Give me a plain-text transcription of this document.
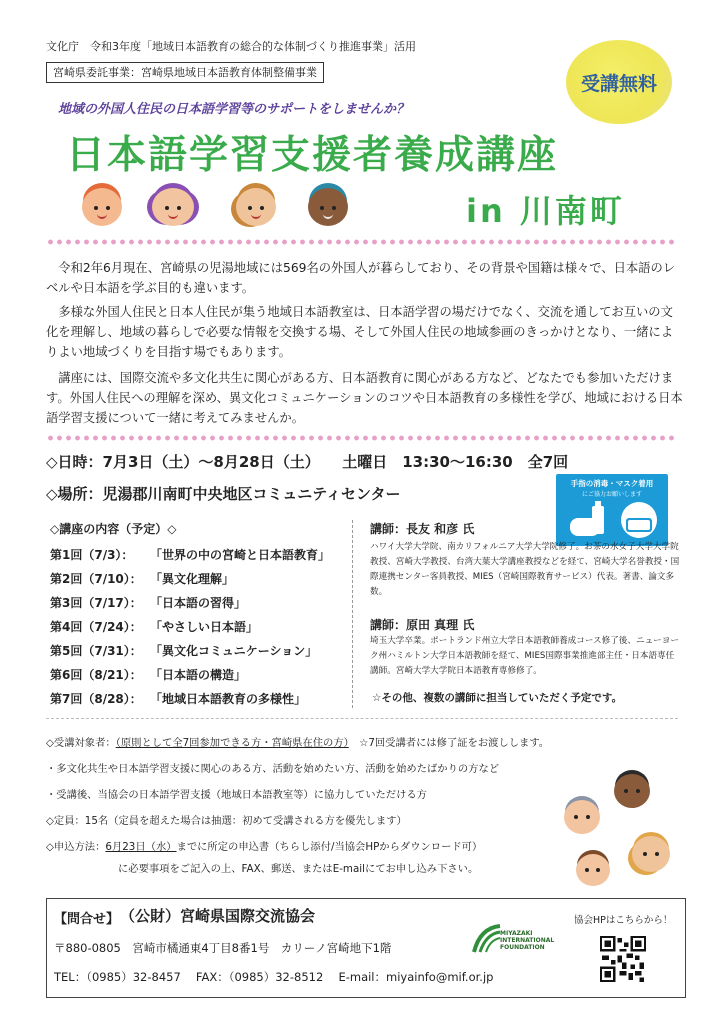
文化庁　令和3年度「地域日本語教育の総合的な体制づくり推進事業」活用
宮崎県委託事業：宮崎県地域日本語教育体制整備事業	受講無料
地域の外国人住民の日本語学習等のサポートをしませんか？
日本語学習支援者養成講座
in 川南町
令和2年6月現在、宮崎県の児湯地域には569名の外国人が暮らしており、その背景や国籍は様々で、日本語のレベルや日本語を学ぶ目的も違います。
多様な外国人住民と日本人住民が集う地域日本語教室は、日本語学習の場だけでなく、交流を通してお互いの文化を理解し、地域の暮らしで必要な情報を交換する場、そして外国人住民の地域参画のきっかけとなり、一緒によりよい地域づくりを目指す場でもあります。
講座には、国際交流や多文化共生に関心がある方、日本語教育に関心がある方など、どなたでも参加いただけます。外国人住民への理解を深め、異文化コミュニケーションのコツや日本語教育の多様性を学び、地域における日本語学習支援について一緒に考えてみませんか。
◇日時：7月3日（土）～8月28日（土）　　土曜日　13:30～16:30　全7回
◇場所：児湯郡川南町中央地区コミュニティセンター
手指の消毒・マスク着用
にご協力お願いします
◇講座の内容（予定）◇
第1回（7/3）： 「世界の中の宮崎と日本語教育」
第2回（7/10）： 「異文化理解」
第3回（7/17）： 「日本語の習得」
第4回（7/24）： 「やさしい日本語」
第5回（7/31）： 「異文化コミュニケーション」
第6回（8/21）： 「日本語の構造」
第7回（8/28）： 「地域日本語教育の多様性」
講師：長友 和彦 氏
ハワイ大学大学院、南カリフォルニア大学大学院修了。お茶の水女子大学大学院教授、宮崎大学教授、台湾大葉大学講座教授などを経て、宮崎大学名誉教授・国際連携センター客員教授、MIES（宮崎国際教育サービス）代表。著書、論文多数。
講師：原田 真理 氏
埼玉大学卒業。ポートランド州立大学日本語教師養成コース修了後、ニューヨーク州ハミルトン大学日本語教師を経て、MIES国際事業推進部主任・日本語専任講師。宮崎大学大学院日本語教育専修修了。
☆その他、複数の講師に担当していただく予定です。
◇受講対象者：（原則として全7回参加できる方・宮崎県在住の方）　 ☆7回受講者には修了証をお渡しします。
・多文化共生や日本語学習支援に関心のある方、活動を始めたい方、活動を始めたばかりの方など
・受講後、当協会の日本語学習支援（地域日本語教室等）に協力していただける方
◇定員：15名（定員を超えた場合は抽選：初めて受講される方を優先します）
◇申込方法：6月23日（水）までに所定の申込書（ちらし添付/当協会HPからダウンロード可）
に必要事項をご記入の上、FAX、郵送、またはE-mailにてお申し込み下さい。
【問合せ】 （公財）宮崎県国際交流協会
〒880-0805　宮崎市橘通東4丁目8番1号　カリーノ宮崎地下1階
TEL：（0985）32-8457　 FAX：（0985）32-8512　 E-mail：miyainfo@mif.or.jp
MIYAZAKI
INTERNATIONAL
FOUNDATION
協会HPはこちらから！
